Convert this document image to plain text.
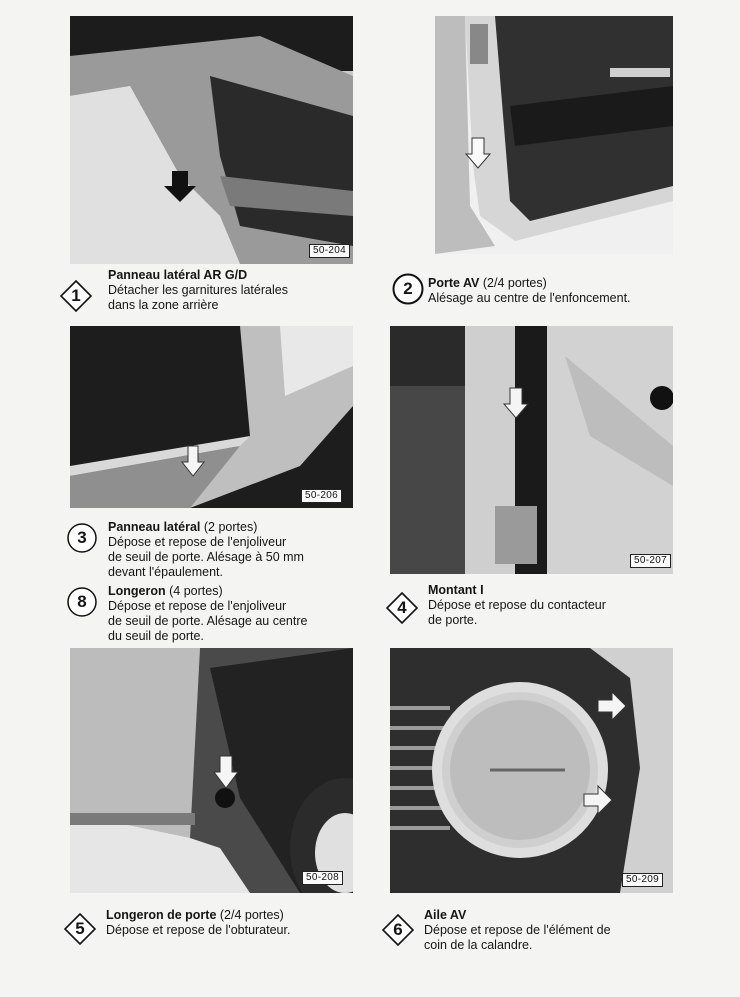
50-204
50-206
50-207
50-208	50-209
1
Panneau latéral AR G/D
Détacher les garnitures latérales
dans la zone arrière
2	Porte AV (2/4 portes)
Alésage au centre de l'enfoncement.
3
Panneau latéral (2 portes)
Dépose et repose de l'enjoliveur
de seuil de porte. Alésage à 50 mm
devant l'épaulement.
8
Longeron (4 portes)
Dépose et repose de l'enjoliveur
de seuil de porte. Alésage au centre
du seuil de porte.
4
Montant I
Dépose et repose du contacteur
de porte.
5
Longeron de porte (2/4 portes)
Dépose et repose de l'obturateur.	6
Aile AV
Dépose et repose de l'élément de
coin de la calandre.
